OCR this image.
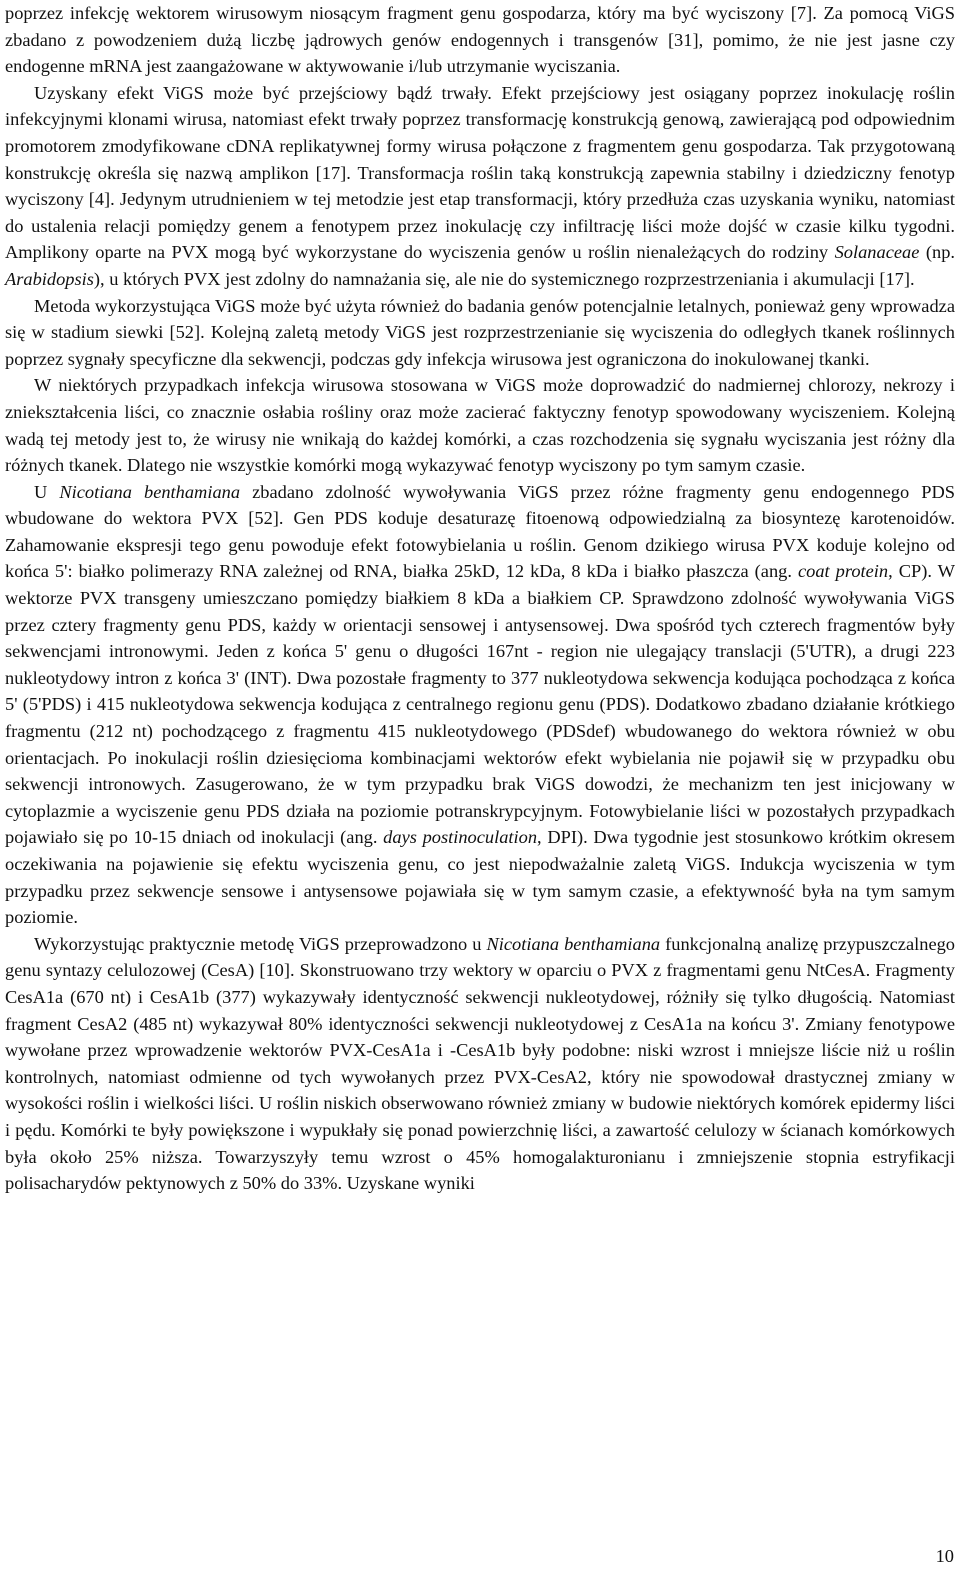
poprzez infekcję wektorem wirusowym niosącym fragment genu gospodarza, który ma być wyciszony [7]. Za pomocą ViGS zbadano z powodzeniem dużą liczbę jądrowych genów endogennych i transgenów [31], pomimo, że nie jest jasne czy endogenne mRNA jest zaangażowane w aktywowanie i/lub utrzymanie wyciszania.

Uzyskany efekt ViGS może być przejściowy bądź trwały. Efekt przejściowy jest osiągany poprzez inokulację roślin infekcyjnymi klonami wirusa, natomiast efekt trwały poprzez transformację konstrukcją genową, zawierającą pod odpowiednim promotorem zmodyfikowane cDNA replikatywnej formy wirusa połączone z fragmentem genu gospodarza. Tak przygotowaną konstrukcję określa się nazwą amplikon [17]. Transformacja roślin taką konstrukcją zapewnia stabilny i dziedziczny fenotyp wyciszony [4]. Jedynym utrudnieniem w tej metodzie jest etap transformacji, który przedłuża czas uzyskania wyniku, natomiast do ustalenia relacji pomiędzy genem a fenotypem przez inokulację czy infiltrację liści może dojść w czasie kilku tygodni. Amplikony oparte na PVX mogą być wykorzystane do wyciszenia genów u roślin nienależących do rodziny Solanaceae (np. Arabidopsis), u których PVX jest zdolny do namnażania się, ale nie do systemicznego rozprzestrzeniania i akumulacji [17].

Metoda wykorzystująca ViGS może być użyta również do badania genów potencjalnie letalnych, ponieważ geny wprowadza się w stadium siewki [52]. Kolejną zaletą metody ViGS jest rozprzestrzenianie się wyciszenia do odległych tkanek roślinnych poprzez sygnały specyficzne dla sekwencji, podczas gdy infekcja wirusowa jest ograniczona do inokulowanej tkanki.

W niektórych przypadkach infekcja wirusowa stosowana w ViGS może doprowadzić do nadmiernej chlorozy, nekrozy i zniekształcenia liści, co znacznie osłabia rośliny oraz może zacierać faktyczny fenotyp spowodowany wyciszeniem. Kolejną wadą tej metody jest to, że wirusy nie wnikają do każdej komórki, a czas rozchodzenia się sygnału wyciszania jest różny dla różnych tkanek. Dlatego nie wszystkie komórki mogą wykazywać fenotyp wyciszony po tym samym czasie.

U Nicotiana benthamiana zbadano zdolność wywoływania ViGS przez różne fragmenty genu endogennego PDS wbudowane do wektora PVX [52]. Gen PDS koduje desaturazę fitoenową odpowiedzialną za biosyntezę karotenoidów. Zahamowanie ekspresji tego genu powoduje efekt fotowybielania u roślin. Genom dzikiego wirusa PVX koduje kolejno od końca 5': białko polimerazy RNA zależnej od RNA, białka 25kD, 12 kDa, 8 kDa i białko płaszcza (ang. coat protein, CP). W wektorze PVX transgeny umieszczano pomiędzy białkiem 8 kDa a białkiem CP. Sprawdzono zdolność wywoływania ViGS przez cztery fragmenty genu PDS, każdy w orientacji sensowej i antysensowej. Dwa spośród tych czterech fragmentów były sekwencjami intronowymi. Jeden z końca 5' genu o długości 167nt - region nie ulegający translacji (5'UTR), a drugi 223 nukleotydowy intron z końca 3' (INT). Dwa pozostałe fragmenty to 377 nukleotydowa sekwencja kodująca pochodząca z końca 5' (5'PDS) i 415 nukleotydowa sekwencja kodująca z centralnego regionu genu (PDS). Dodatkowo zbadano działanie krótkiego fragmentu (212 nt) pochodzącego z fragmentu 415 nukleotydowego (PDSdef) wbudowanego do wektora również w obu orientacjach. Po inokulacji roślin dziesięcioma kombinacjami wektorów efekt wybielania nie pojawił się w przypadku obu sekwencji intronowych. Zasugerowano, że w tym przypadku brak ViGS dowodzi, że mechanizm ten jest inicjowany w cytoplazmie a wyciszenie genu PDS działa na poziomie potranskrypcyjnym. Fotowybielanie liści w pozostałych przypadkach pojawiało się po 10-15 dniach od inokulacji (ang. days postinoculation, DPI). Dwa tygodnie jest stosunkowo krótkim okresem oczekiwania na pojawienie się efektu wyciszenia genu, co jest niepodważalnie zaletą ViGS. Indukcja wyciszenia w tym przypadku przez sekwencje sensowe i antysensowe pojawiała się w tym samym czasie, a efektywność była na tym samym poziomie.

Wykorzystując praktycznie metodę ViGS przeprowadzono u Nicotiana benthamiana funkcjonalną analizę przypuszczalnego genu syntazy celulozowej (CesA) [10]. Skonstruowano trzy wektory w oparciu o PVX z fragmentami genu NtCesA. Fragmenty CesA1a (670 nt) i CesA1b (377) wykazywały identyczność sekwencji nukleotydowej, różniły się tylko długością. Natomiast fragment CesA2 (485 nt) wykazywał 80% identyczności sekwencji nukleotydowej z CesA1a na końcu 3'. Zmiany fenotypowe wywołane przez wprowadzenie wektorów PVX-CesA1a i -CesA1b były podobne: niski wzrost i mniejsze liście niż u roślin kontrolnych, natomiast odmienne od tych wywołanych przez PVX-CesA2, który nie spowodował drastycznej zmiany w wysokości roślin i wielkości liści. U roślin niskich obserwowano również zmiany w budowie niektórych komórek epidermy liści i pędu. Komórki te były powiększone i wypukłały się ponad powierzchnię liści, a zawartość celulozy w ścianach komórkowych była około 25% niższa. Towarzyszyły temu wzrost o 45% homogalakturonianu i zmniejszenie stopnia estryfikacji polisacharydów pektynowych z 50% do 33%. Uzyskane wyniki

10
